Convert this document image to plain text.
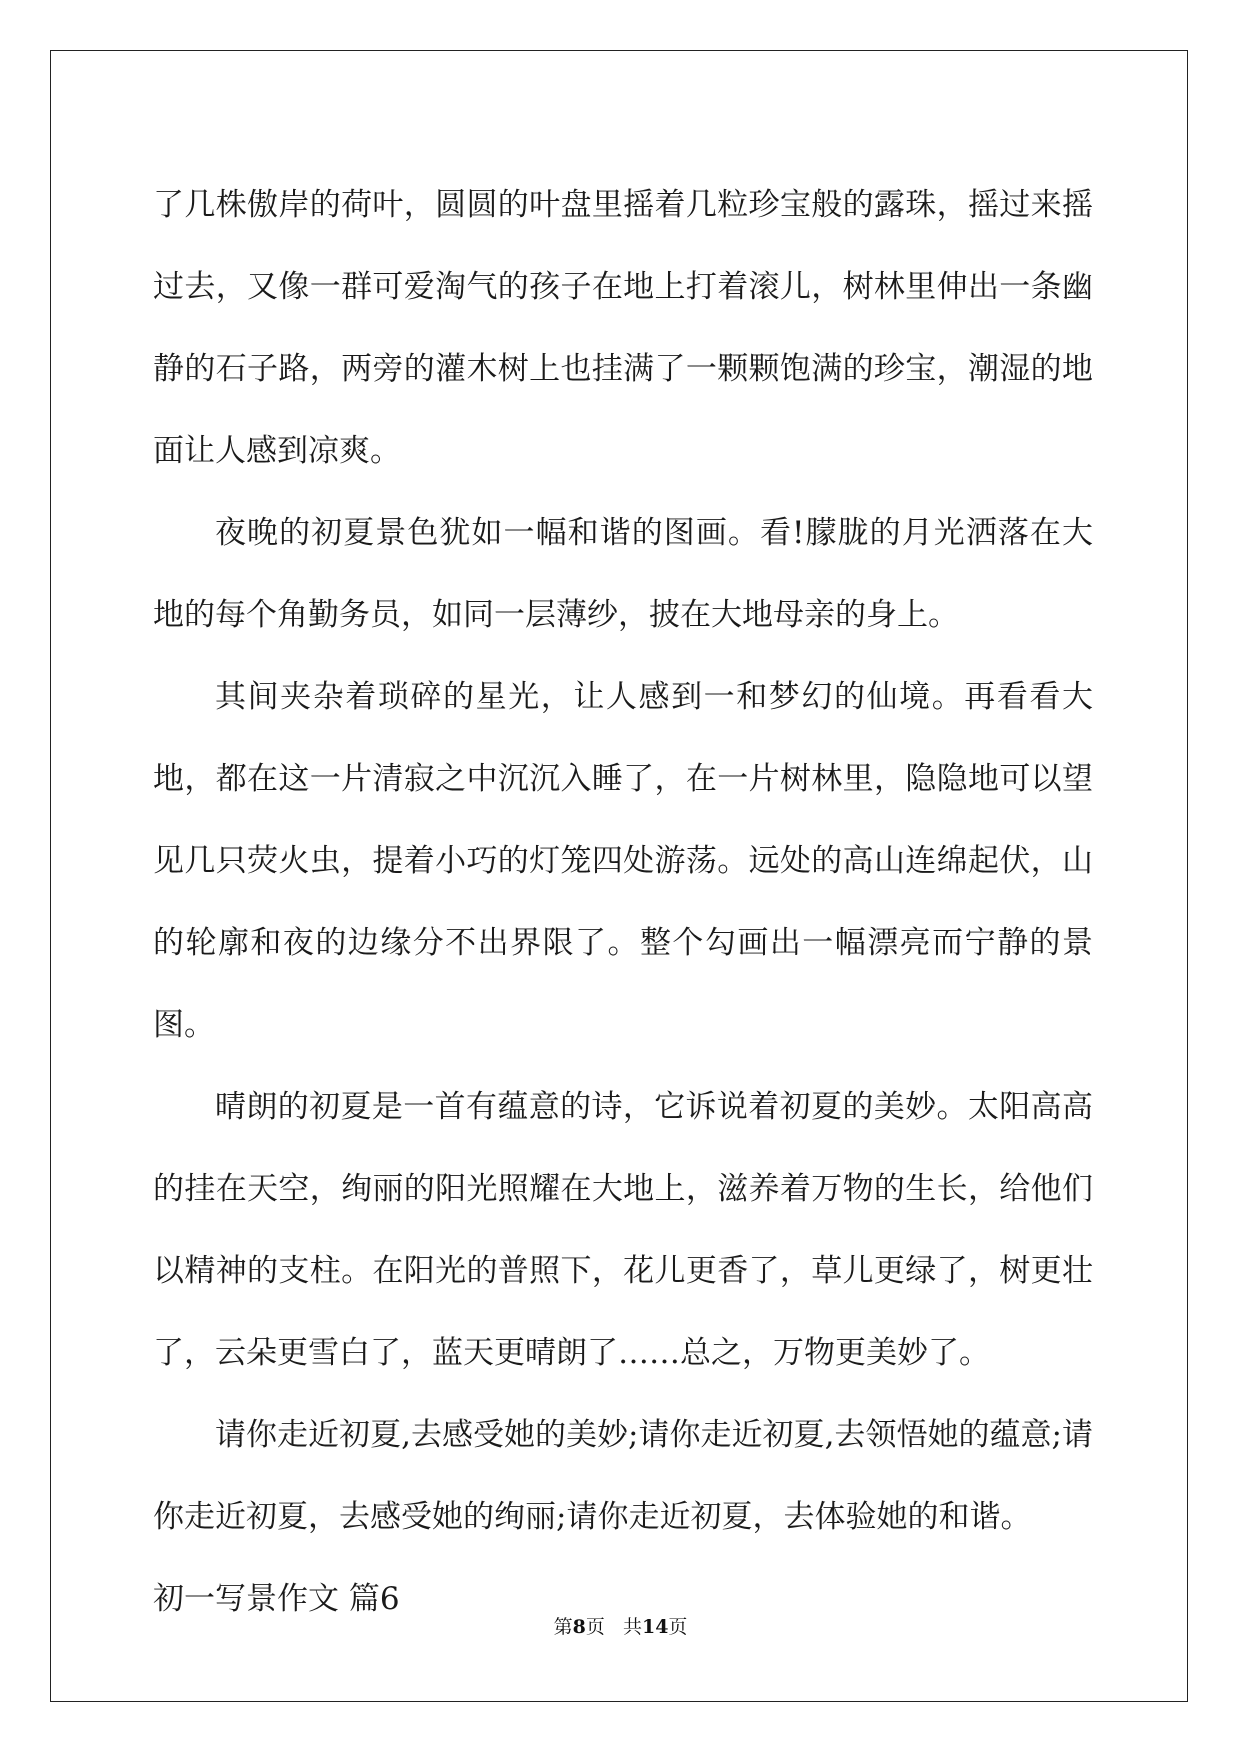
了几株傲岸的荷叶，圆圆的叶盘里摇着几粒珍宝般的露珠，摇过来摇过去，又像一群可爱淘气的孩子在地上打着滚儿，树林里伸出一条幽静的石子路，两旁的灌木树上也挂满了一颗颗饱满的珍宝，潮湿的地面让人感到凉爽。

夜晚的初夏景色犹如一幅和谐的图画。看!朦胧的月光洒落在大地的每个角勤务员，如同一层薄纱，披在大地母亲的身上。

其间夹杂着琐碎的星光，让人感到一和梦幻的仙境。再看看大地，都在这一片清寂之中沉沉入睡了，在一片树林里，隐隐地可以望见几只荧火虫，提着小巧的灯笼四处游荡。远处的高山连绵起伏，山的轮廓和夜的边缘分不出界限了。整个勾画出一幅漂亮而宁静的景图。

晴朗的初夏是一首有蕴意的诗，它诉说着初夏的美妙。太阳高高的挂在天空，绚丽的阳光照耀在大地上，滋养着万物的生长，给他们以精神的支柱。在阳光的普照下，花儿更香了，草儿更绿了，树更壮了，云朵更雪白了，蓝天更晴朗了……总之，万物更美妙了。

请你走近初夏,去感受她的美妙;请你走近初夏,去领悟她的蕴意;请你走近初夏，去感受她的绚丽;请你走近初夏，去体验她的和谐。

初一写景作文 篇6

第8页 共14页
